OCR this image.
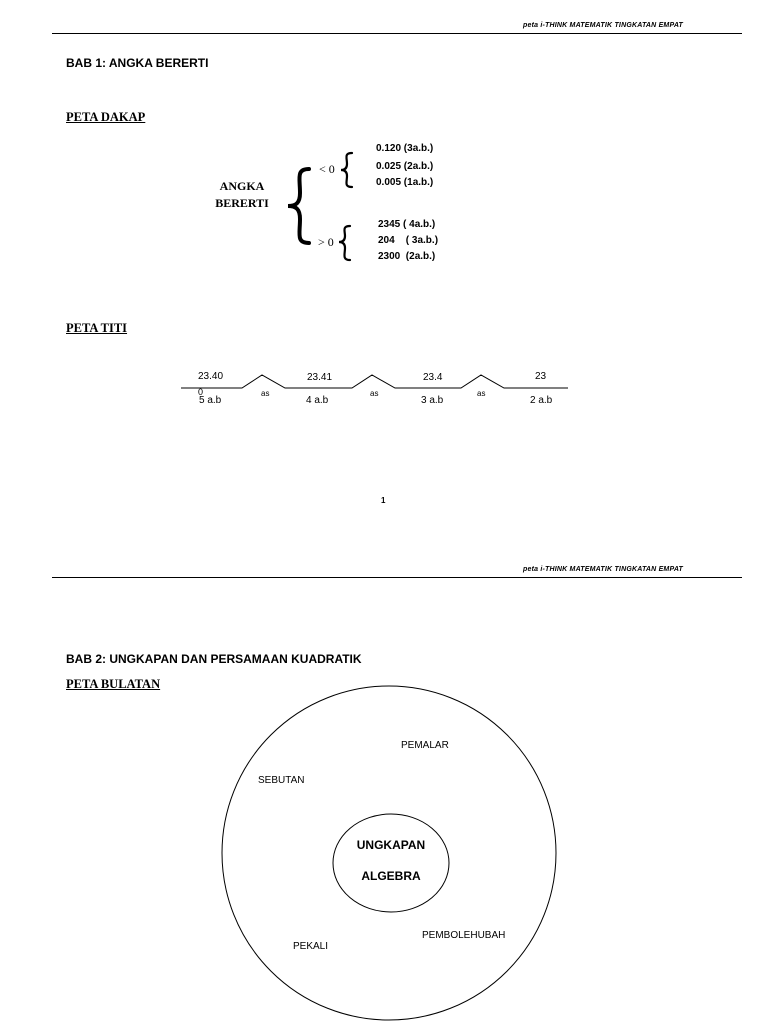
peta i-THINK MATEMATIK TINGKATAN EMPAT
BAB 1: ANGKA BERERTI
PETA DAKAP
ANGKA
BERERTI
< 0
> 0
0.120 (3a.b.)
0.025 (2a.b.)
0.005 (1a.b.)
2345 ( 4a.b.)
204    ( 3a.b.)
2300  (2a.b.)
PETA TITI
23.40
0
5 a.b
23.41
4 a.b
23.4
3 a.b
23
2 a.b
as	as	as
1
peta i-THINK MATEMATIK TINGKATAN EMPAT
BAB 2: UNGKAPAN DAN PERSAMAAN KUADRATIK
PETA BULATAN
PEMALAR
SEBUTAN
PEKALI
PEMBOLEHUBAH
UNGKAPAN
ALGEBRA
